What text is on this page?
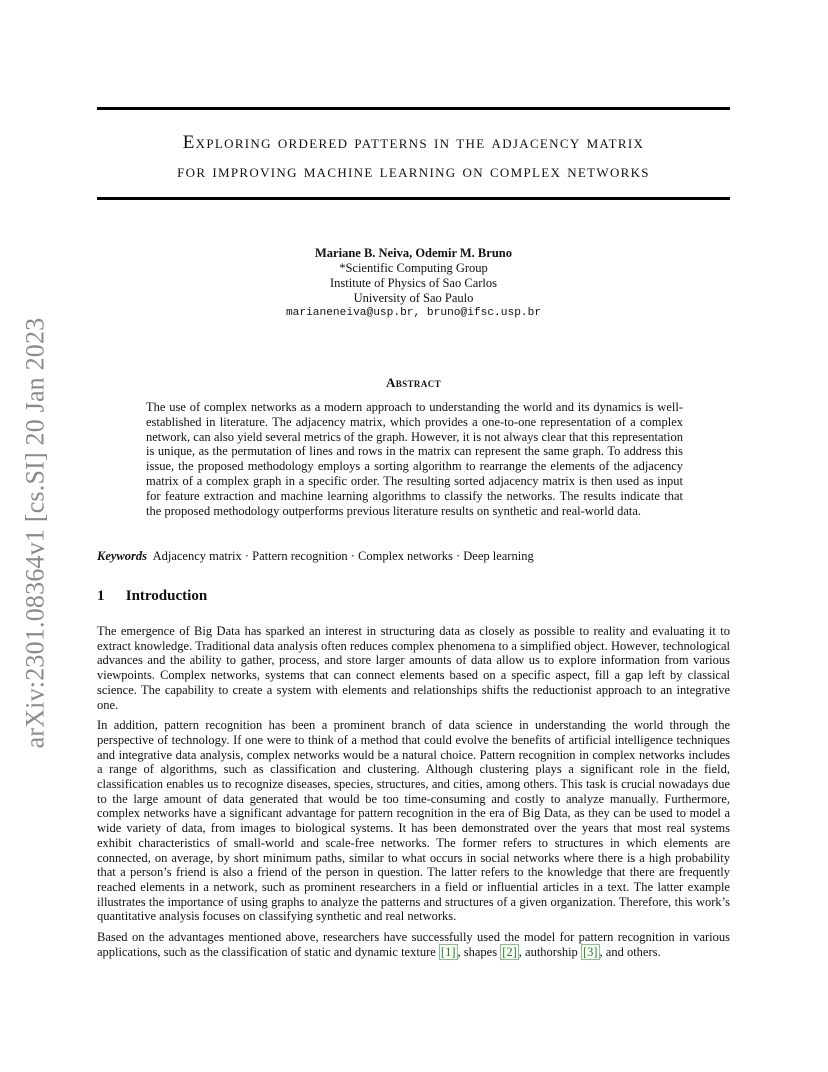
arXiv:2301.08364v1 [cs.SI] 20 Jan 2023
Exploring ordered patterns in the adjacency matrix
for improving machine learning on complex networks
Mariane B. Neiva, Odemir M. Bruno
*Scientific Computing Group
Institute of Physics of Sao Carlos
University of Sao Paulo
marianeneiva@usp.br, bruno@ifsc.usp.br
Abstract
The use of complex networks as a modern approach to understanding the world and its dynamics is well-established in literature. The adjacency matrix, which provides a one-to-one representation of a complex network, can also yield several metrics of the graph. However, it is not always clear that this representation is unique, as the permutation of lines and rows in the matrix can represent the same graph. To address this issue, the proposed methodology employs a sorting algorithm to rearrange the elements of the adjacency matrix of a complex graph in a specific order. The resulting sorted adjacency matrix is then used as input for feature extraction and machine learning algorithms to classify the networks. The results indicate that the proposed methodology outperforms previous literature results on synthetic and real-world data.
Keywords Adjacency matrix · Pattern recognition · Complex networks · Deep learning
1 Introduction

The emergence of Big Data has sparked an interest in structuring data as closely as possible to reality and evaluating it to extract knowledge. Traditional data analysis often reduces complex phenomena to a simplified object. However, technological advances and the ability to gather, process, and store larger amounts of data allow us to explore information from various viewpoints. Complex networks, systems that can connect elements based on a specific aspect, fill a gap left by classical science. The capability to create a system with elements and relationships shifts the reductionist approach to an integrative one.

In addition, pattern recognition has been a prominent branch of data science in understanding the world through the perspective of technology. If one were to think of a method that could evolve the benefits of artificial intelligence techniques and integrative data analysis, complex networks would be a natural choice. Pattern recognition in complex networks includes a range of algorithms, such as classification and clustering. Although clustering plays a significant role in the field, classification enables us to recognize diseases, species, structures, and cities, among others. This task is crucial nowadays due to the large amount of data generated that would be too time-consuming and costly to analyze manually. Furthermore, complex networks have a significant advantage for pattern recognition in the era of Big Data, as they can be used to model a wide variety of data, from images to biological systems. It has been demonstrated over the years that most real systems exhibit characteristics of small-world and scale-free networks. The former refers to structures in which elements are connected, on average, by short minimum paths, similar to what occurs in social networks where there is a high probability that a person’s friend is also a friend of the person in question. The latter refers to the knowledge that there are frequently reached elements in a network, such as prominent researchers in a field or influential articles in a text. The latter example illustrates the importance of using graphs to analyze the patterns and structures of a given organization. Therefore, this work’s quantitative analysis focuses on classifying synthetic and real networks.

Based on the advantages mentioned above, researchers have successfully used the model for pattern recognition in various applications, such as the classification of static and dynamic texture [1] , shapes [2] , authorship [3] , and others.
